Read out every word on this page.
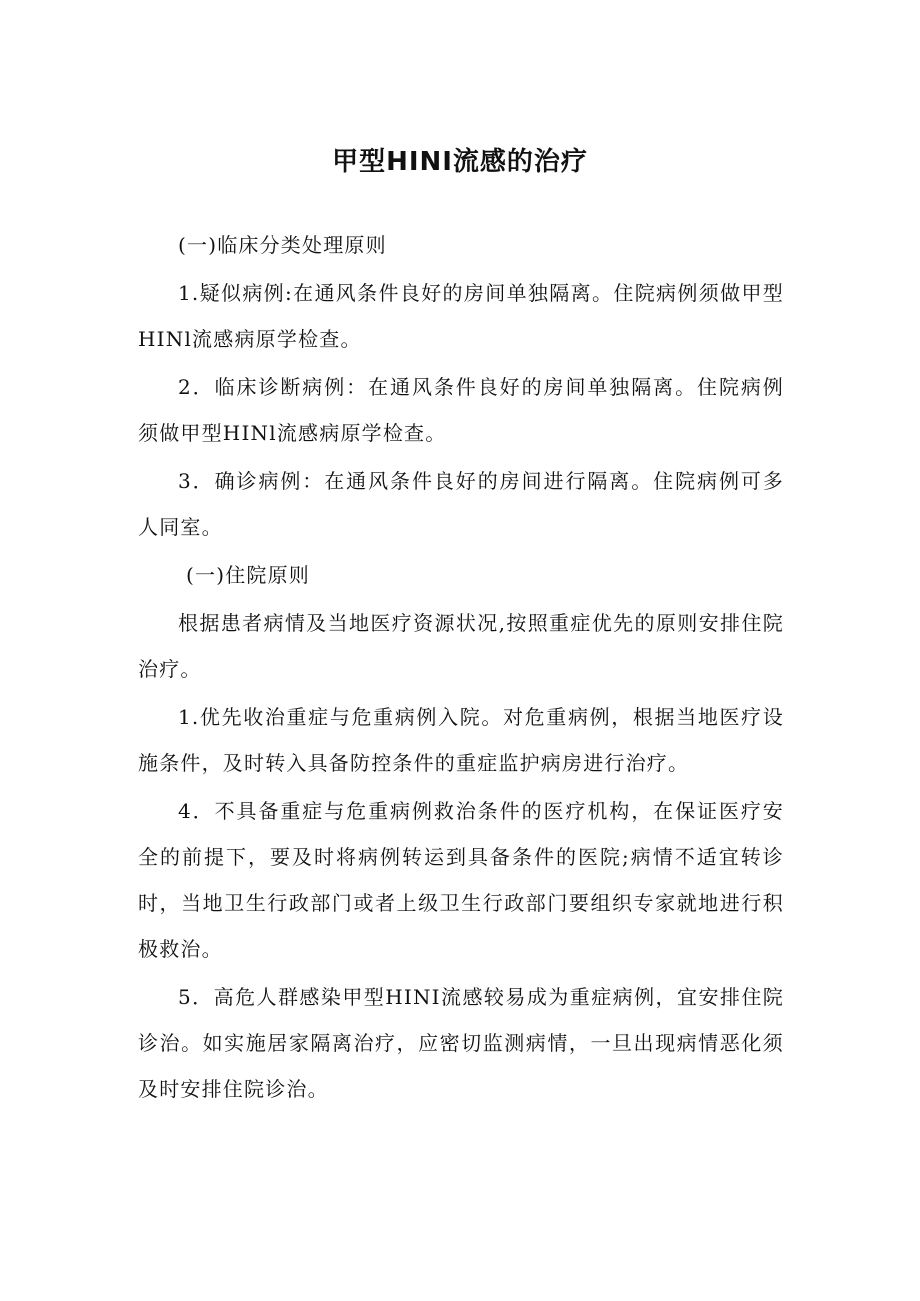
甲型HINI流感的治疗

(一)临床分类处理原则

1.疑似病例:在通风条件良好的房间单独隔离。住院病例须做甲型HINl流感病原学检查。

2．临床诊断病例：在通风条件良好的房间单独隔离。住院病例须做甲型HINl流感病原学检查。

3．确诊病例：在通风条件良好的房间进行隔离。住院病例可多人同室。

(一)住院原则

根据患者病情及当地医疗资源状况,按照重症优先的原则安排住院治疗。

1.优先收治重症与危重病例入院。对危重病例，根据当地医疗设施条件，及时转入具备防控条件的重症监护病房进行治疗。

4．不具备重症与危重病例救治条件的医疗机构，在保证医疗安全的前提下，要及时将病例转运到具备条件的医院;病情不适宜转诊时，当地卫生行政部门或者上级卫生行政部门要组织专家就地进行积极救治。

5．高危人群感染甲型HINI流感较易成为重症病例，宜安排住院诊治。如实施居家隔离治疗，应密切监测病情，一旦出现病情恶化须及时安排住院诊治。
